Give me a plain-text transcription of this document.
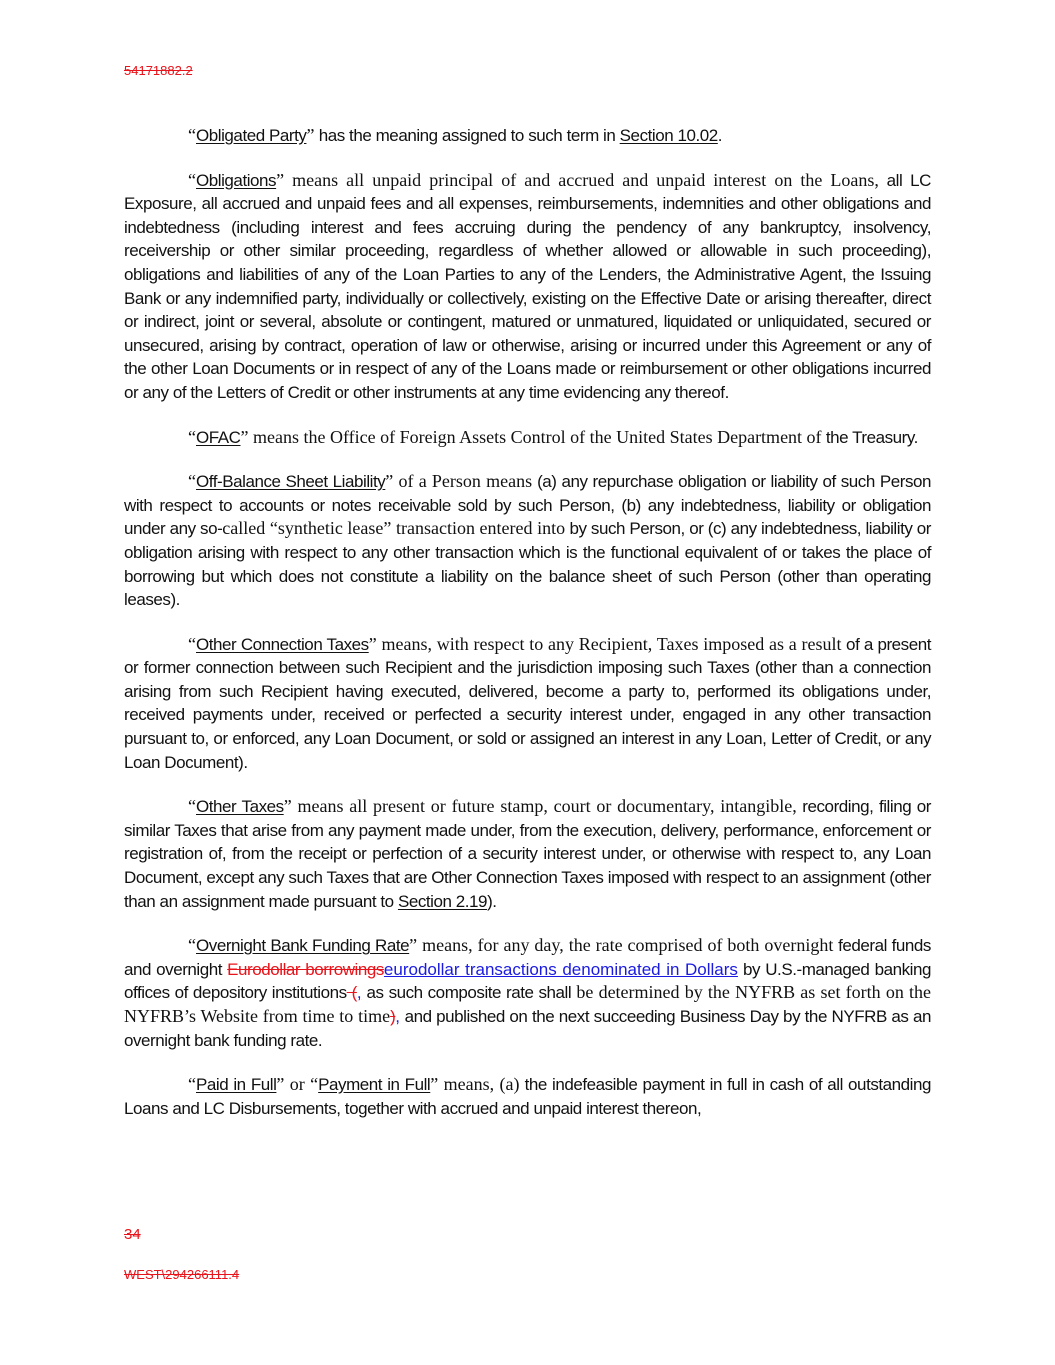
54171882.2

“Obligated Party” has the meaning assigned to such term in Section 10.02.

“Obligations” means all unpaid principal of and accrued and unpaid interest on the Loans, all LC Exposure, all accrued and unpaid fees and all expenses, reimbursements, indemnities and other obligations and indebtedness (including interest and fees accruing during the pendency of any bankruptcy, insolvency, receivership or other similar proceeding, regardless of whether allowed or allowable in such proceeding), obligations and liabilities of any of the Loan Parties to any of the Lenders, the Administrative Agent, the Issuing Bank or any indemnified party, individually or collectively, existing on the Effective Date or arising thereafter, direct or indirect, joint or several, absolute or contingent, matured or unmatured, liquidated or unliquidated, secured or unsecured, arising by contract, operation of law or otherwise, arising or incurred under this Agreement or any of the other Loan Documents or in respect of any of the Loans made or reimbursement or other obligations incurred or any of the Letters of Credit or other instruments at any time evidencing any thereof.

“OFAC” means the Office of Foreign Assets Control of the United States Department of the Treasury.

“Off-Balance Sheet Liability” of a Person means (a) any repurchase obligation or liability of such Person with respect to accounts or notes receivable sold by such Person, (b) any indebtedness, liability or obligation under any so-called “synthetic lease” transaction entered into by such Person, or (c) any indebtedness, liability or obligation arising with respect to any other transaction which is the functional equivalent of or takes the place of borrowing but which does not constitute a liability on the balance sheet of such Person (other than operating leases).

“Other Connection Taxes” means, with respect to any Recipient, Taxes imposed as a result of a present or former connection between such Recipient and the jurisdiction imposing such Taxes (other than a connection arising from such Recipient having executed, delivered, become a party to, performed its obligations under, received payments under, received or perfected a security interest under, engaged in any other transaction pursuant to, or enforced, any Loan Document, or sold or assigned an interest in any Loan, Letter of Credit, or any Loan Document).

“Other Taxes” means all present or future stamp, court or documentary, intangible, recording, filing or similar Taxes that arise from any payment made under, from the execution, delivery, performance, enforcement or registration of, from the receipt or perfection of a security interest under, or otherwise with respect to, any Loan Document, except any such Taxes that are Other Connection Taxes imposed with respect to an assignment (other than an assignment made pursuant to Section 2.19).

“Overnight Bank Funding Rate” means, for any day, the rate comprised of both overnight federal funds and overnight Eurodollar borrowingseurodollar transactions denominated in Dollars by U.S.-managed banking offices of depository institutions (, as such composite rate shall be determined by the NYFRB as set forth on the NYFRB’s Website from time to time), and published on the next succeeding Business Day by the NYFRB as an overnight bank funding rate.

“Paid in Full” or “Payment in Full” means, (a) the indefeasible payment in full in cash of all outstanding Loans and LC Disbursements, together with accrued and unpaid interest thereon,

34
WEST\294266111.4
